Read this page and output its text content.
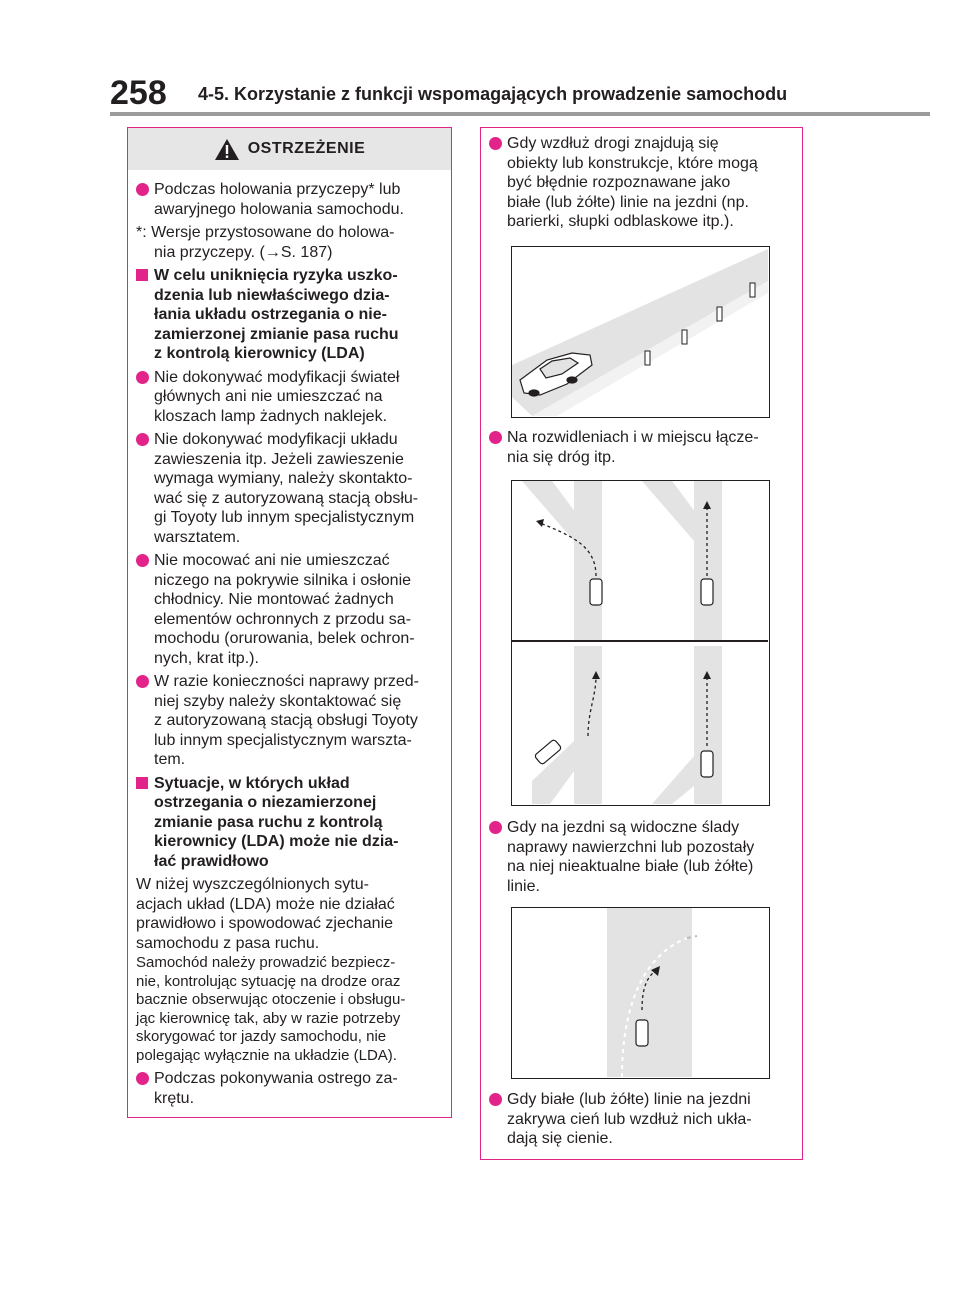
258 4-5. Korzystanie z funkcji wspomagających prowadzenie samochodu
OSTRZEŻENIE
Podczas holowania przyczepy* lub
awaryjnego holowania samochodu.
*: Wersje przystosowane do holowa-
nia przyczepy. (→S. 187)
W celu uniknięcia ryzyka uszko-
dzenia lub niewłaściwego dzia-
łania układu ostrzegania o nie-
zamierzonej zmianie pasa ruchu
z kontrolą kierownicy (LDA)
Nie dokonywać modyfikacji świateł
głównych ani nie umieszczać na
kloszach lamp żadnych naklejek.
Nie dokonywać modyfikacji układu
zawieszenia itp. Jeżeli zawieszenie
wymaga wymiany, należy skontakto-
wać się z autoryzowaną stacją obsłu-
gi Toyoty lub innym specjalistycznym
warsztatem.
Nie mocować ani nie umieszczać
niczego na pokrywie silnika i osłonie
chłodnicy. Nie montować żadnych
elementów ochronnych z przodu sa-
mochodu (orurowania, belek ochron-
nych, krat itp.).
W razie konieczności naprawy przed-
niej szyby należy skontaktować się
z autoryzowaną stacją obsługi Toyoty
lub innym specjalistycznym warszta-
tem.
Sytuacje, w których układ
ostrzegania o niezamierzonej
zmianie pasa ruchu z kontrolą
kierownicy (LDA) może nie dzia-
łać prawidłowo
W niżej wyszczególnionych sytu-
acjach układ (LDA) może nie działać
prawidłowo i spowodować zjechanie
samochodu z pasa ruchu.
Samochód należy prowadzić bezpiecz-
nie, kontrolując sytuację na drodze oraz
bacznie obserwując otoczenie i obsługu-
jąc kierownicę tak, aby w razie potrzeby
skorygować tor jazdy samochodu, nie
polegając wyłącznie na układzie (LDA).
Podczas pokonywania ostrego za-
krętu.
Gdy wzdłuż drogi znajdują się
obiekty lub konstrukcje, które mogą
być błędnie rozpoznawane jako
białe (lub żółte) linie na jezdni (np.
barierki, słupki odblaskowe itp.).
Na rozwidleniach i w miejscu łącze-
nia się dróg itp.
Gdy na jezdni są widoczne ślady
naprawy nawierzchni lub pozostały
na niej nieaktualne białe (lub żółte)
linie.
Gdy białe (lub żółte) linie na jezdni
zakrywa cień lub wzdłuż nich ukła-
dają się cienie.
